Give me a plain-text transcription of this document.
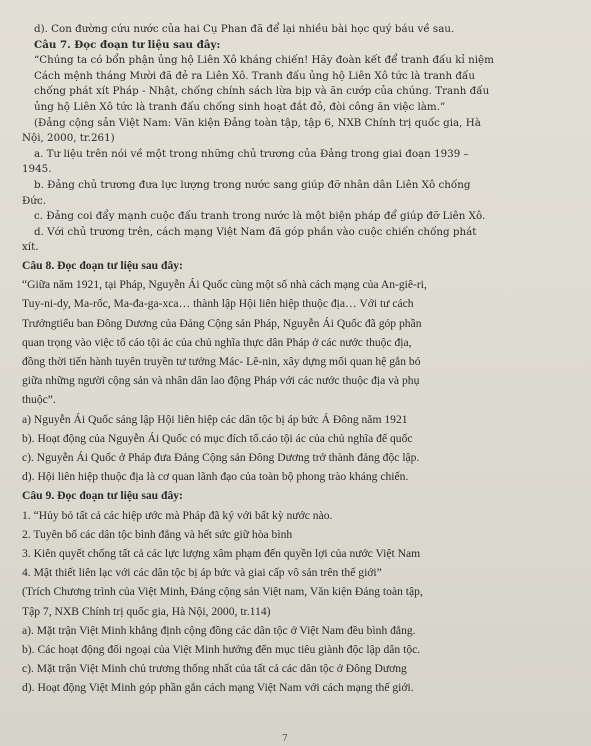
d). Con đường cứu nước của hai Cụ Phan đã để lại nhiều bài học quý báu về sau.

Câu 7. Đọc đoạn tư liệu sau đây:

“Chúng ta có bổn phận ủng hộ Liên Xô kháng chiến! Hãy đoàn kết để tranh đấu kỉ niệm

Cách mệnh tháng Mười đã đẻ ra Liên Xô. Tranh đấu ủng hộ Liên Xô tức là tranh đấu

chống phát xít Pháp - Nhật, chống chính sách lừa bịp và ăn cướp của chúng. Tranh đấu

ủng hộ Liên Xô tức là tranh đấu chống sinh hoạt đắt đỏ, đòi công ăn việc làm.”

(Đảng cộng sản Việt Nam: Văn kiện Đảng toàn tập, tập 6, NXB Chính trị quốc gia, Hà

Nội, 2000, tr.261)

a. Tư liệu trên nói về một trong những chủ trương của Đảng trong giai đoạn 1939 –

1945.

b. Đảng chủ trương đưa lực lượng trong nước sang giúp đỡ nhân dân Liên Xô chống

Đức.

c. Đảng coi đẩy mạnh cuộc đấu tranh trong nước là một biện pháp để giúp đỡ Liên Xô.

d. Với chủ trương trên, cách mạng Việt Nam đã góp phần vào cuộc chiến chống phát

xít.

Câu 8. Đọc đoạn tư liệu sau đây:

“Giữa năm 1921, tại Pháp, Nguyễn Ái Quốc cùng một số nhà cách mạng của An-giê-ri,

Tuy-ni-dy, Ma-rốc, Ma-đa-ga-xca… thành lập Hội liên hiệp thuộc địa… Với tư cách

Trưởngtiểu ban Đông Dương của Đảng Cộng sản Pháp, Nguyễn Ái Quốc đã góp phần

quan trọng vào việc tố cáo tội ác của chủ nghĩa thực dân Pháp ở các nước thuộc địa,

đồng thời tiến hành tuyên truyền tư tưởng Mác- Lê-nin, xây dựng mối quan hệ gắn bó

giữa những người cộng sản và nhân dân lao động Pháp với các nước thuộc địa và phụ

thuộc”.

a) Nguyễn Ái Quốc sáng lập Hội liên hiệp các dân tộc bị áp bức Á Đông năm 1921

b). Hoạt động của Nguyễn Ái Quốc có mục đích tố.cáo tội ác của chủ nghĩa đế quốc

c). Nguyễn Ái Quốc ở Pháp đưa Đảng Cộng sản Đông Dương trở thành đảng độc lập.

d). Hội liên hiệp thuộc địa là cơ quan lãnh đạo của toàn bộ phong trào kháng chiến.

Câu 9. Đọc đoạn tư liệu sau đây:

1. “Hủy bỏ tất cả các hiệp ước mà Pháp đã ký với bất kỳ nước nào.

2. Tuyên bố các dân tộc bình đẳng và hết sức giữ hòa bình

3. Kiên quyết chống tất cả các lực lượng xâm phạm đến quyền lợi của nước Việt Nam

4. Mật thiết liên lạc với các dân tộc bị áp bức và giai cấp vô sản trên thế giới”

(Trích Chương trình của Việt Minh, Đảng cộng sản Việt nam, Văn kiện Đảng toàn tập,

Tập 7, NXB Chính trị quốc gia, Hà Nội, 2000, tr.114)

a). Mặt trận Việt Minh khẳng định cộng đồng các dân tộc ở Việt Nam đều bình đẳng.

b). Các hoạt động đối ngoại của Việt Minh hướng đến mục tiêu giành độc lập dân tộc.

c). Mặt trận Việt Minh chủ trương thống nhất của tất cả các dân tộc ở Đông Dương

d). Hoạt động Việt Minh góp phần gắn cách mạng Việt Nam với cách mạng thế giới.

7
